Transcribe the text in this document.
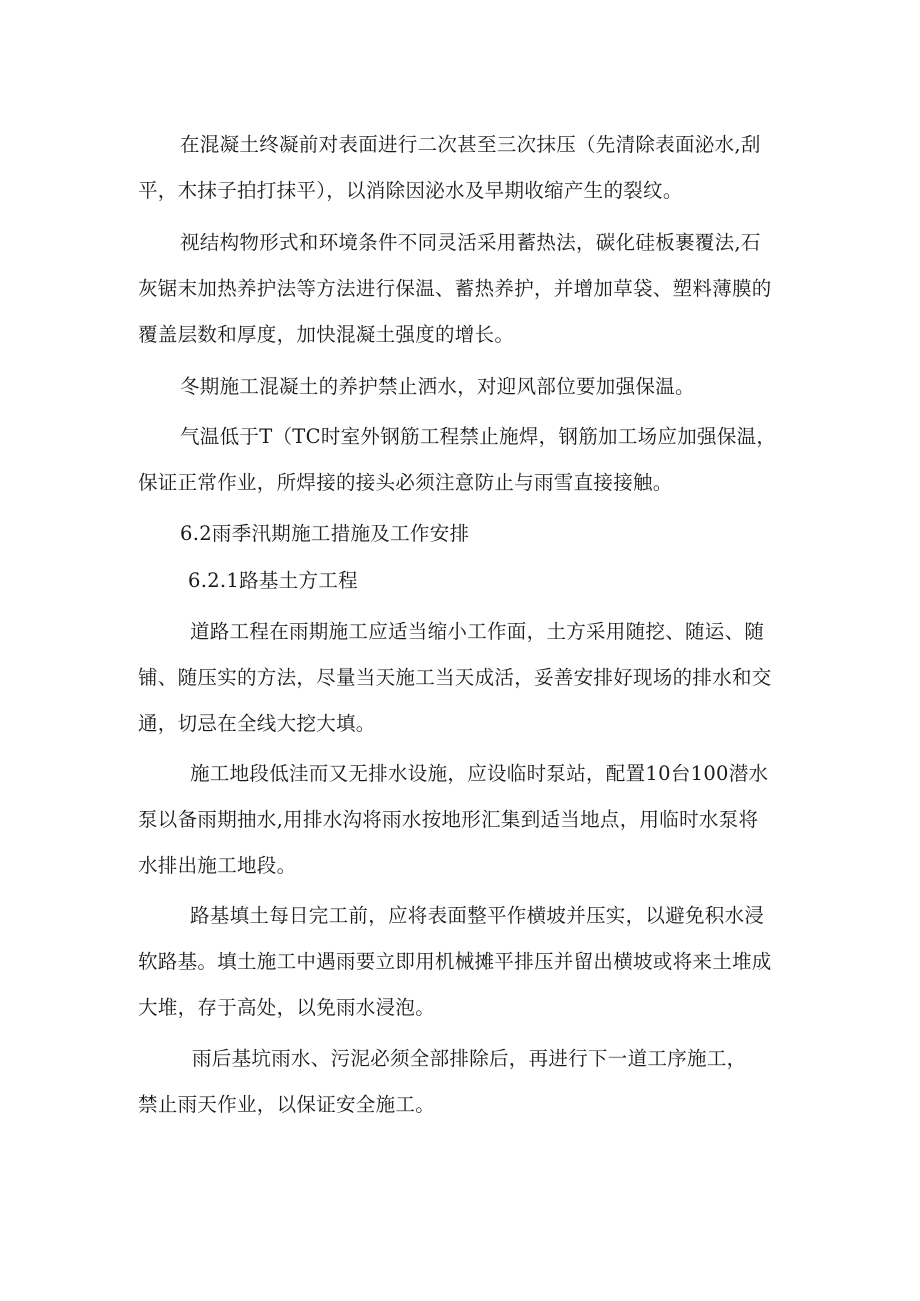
在混凝土终凝前对表面进行二次甚至三次抹压（先清除表面泌水,刮
平，木抹子拍打抹平），以消除因泌水及早期收缩产生的裂纹。
视结构物形式和环境条件不同灵活采用蓄热法，碳化硅板裹覆法,石
灰锯末加热养护法等方法进行保温、蓄热养护，并增加草袋、塑料薄膜的
覆盖层数和厚度，加快混凝土强度的增长。
冬期施工混凝土的养护禁止洒水，对迎风部位要加强保温。
气温低于T（TC时室外钢筋工程禁止施焊，钢筋加工场应加强保温，
保证正常作业，所焊接的接头必须注意防止与雨雪直接接触。
6.2雨季汛期施工措施及工作安排
6.2.1路基土方工程
道路工程在雨期施工应适当缩小工作面，土方采用随挖、随运、随
铺、随压实的方法，尽量当天施工当天成活，妥善安排好现场的排水和交
通，切忌在全线大挖大填。
施工地段低洼而又无排水设施，应设临时泵站，配置10台100潜水
泵以备雨期抽水,用排水沟将雨水按地形汇集到适当地点，用临时水泵将
水排出施工地段。
路基填土每日完工前，应将表面整平作横坡并压实，以避免积水浸
软路基。填土施工中遇雨要立即用机械摊平排压并留出横坡或将来土堆成
大堆，存于高处，以免雨水浸泡。
雨后基坑雨水、污泥必须全部排除后，再进行下一道工序施工，
禁止雨天作业，以保证安全施工。
